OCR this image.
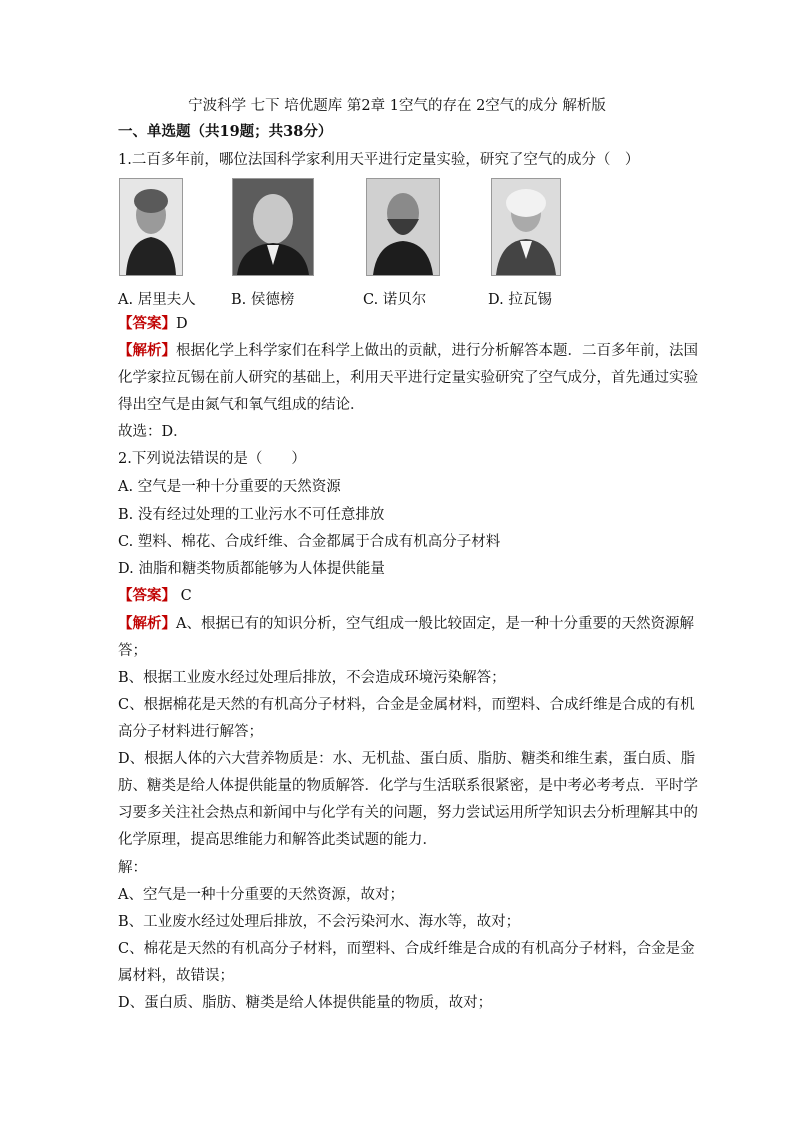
宁波科学 七下 培优题库 第2章 1空气的存在 2空气的成分 解析版
一、单选题（共19题；共38分）
1.二百多年前，哪位法国科学家利用天平进行定量实验，研究了空气的成分（　）
A. 居里夫人 B. 侯德榜	C. 诺贝尔	D. 拉瓦锡
【答案】D
【解析】根据化学上科学家们在科学上做出的贡献，进行分析解答本题．二百多年前，法国
化学家拉瓦锡在前人研究的基础上，利用天平进行定量实验研究了空气成分，首先通过实验
得出空气是由氮气和氧气组成的结论．
故选：D．
2.下列说法错误的是（　　）
A. 空气是一种十分重要的天然资源
B. 没有经过处理的工业污水不可任意排放
C. 塑料、棉花、合成纤维、合金都属于合成有机高分子材料
D. 油脂和糖类物质都能够为人体提供能量
【答案】 C
【解析】A、根据已有的知识分析，空气组成一般比较固定，是一种十分重要的天然资源解
答；
B、根据工业废水经过处理后排放，不会造成环境污染解答；
C、根据棉花是天然的有机高分子材料，合金是金属材料，而塑料、合成纤维是合成的有机
高分子材料进行解答；
D、根据人体的六大营养物质是：水、无机盐、蛋白质、脂肪、糖类和维生素，蛋白质、脂
肪、糖类是给人体提供能量的物质解答．化学与生活联系很紧密，是中考必考考点．平时学
习要多关注社会热点和新闻中与化学有关的问题，努力尝试运用所学知识去分析理解其中的
化学原理，提高思维能力和解答此类试题的能力．
解：
A、空气是一种十分重要的天然资源，故对；
B、工业废水经过处理后排放，不会污染河水、海水等，故对；
C、棉花是天然的有机高分子材料，而塑料、合成纤维是合成的有机高分子材料，合金是金
属材料，故错误；
D、蛋白质、脂肪、糖类是给人体提供能量的物质，故对；
